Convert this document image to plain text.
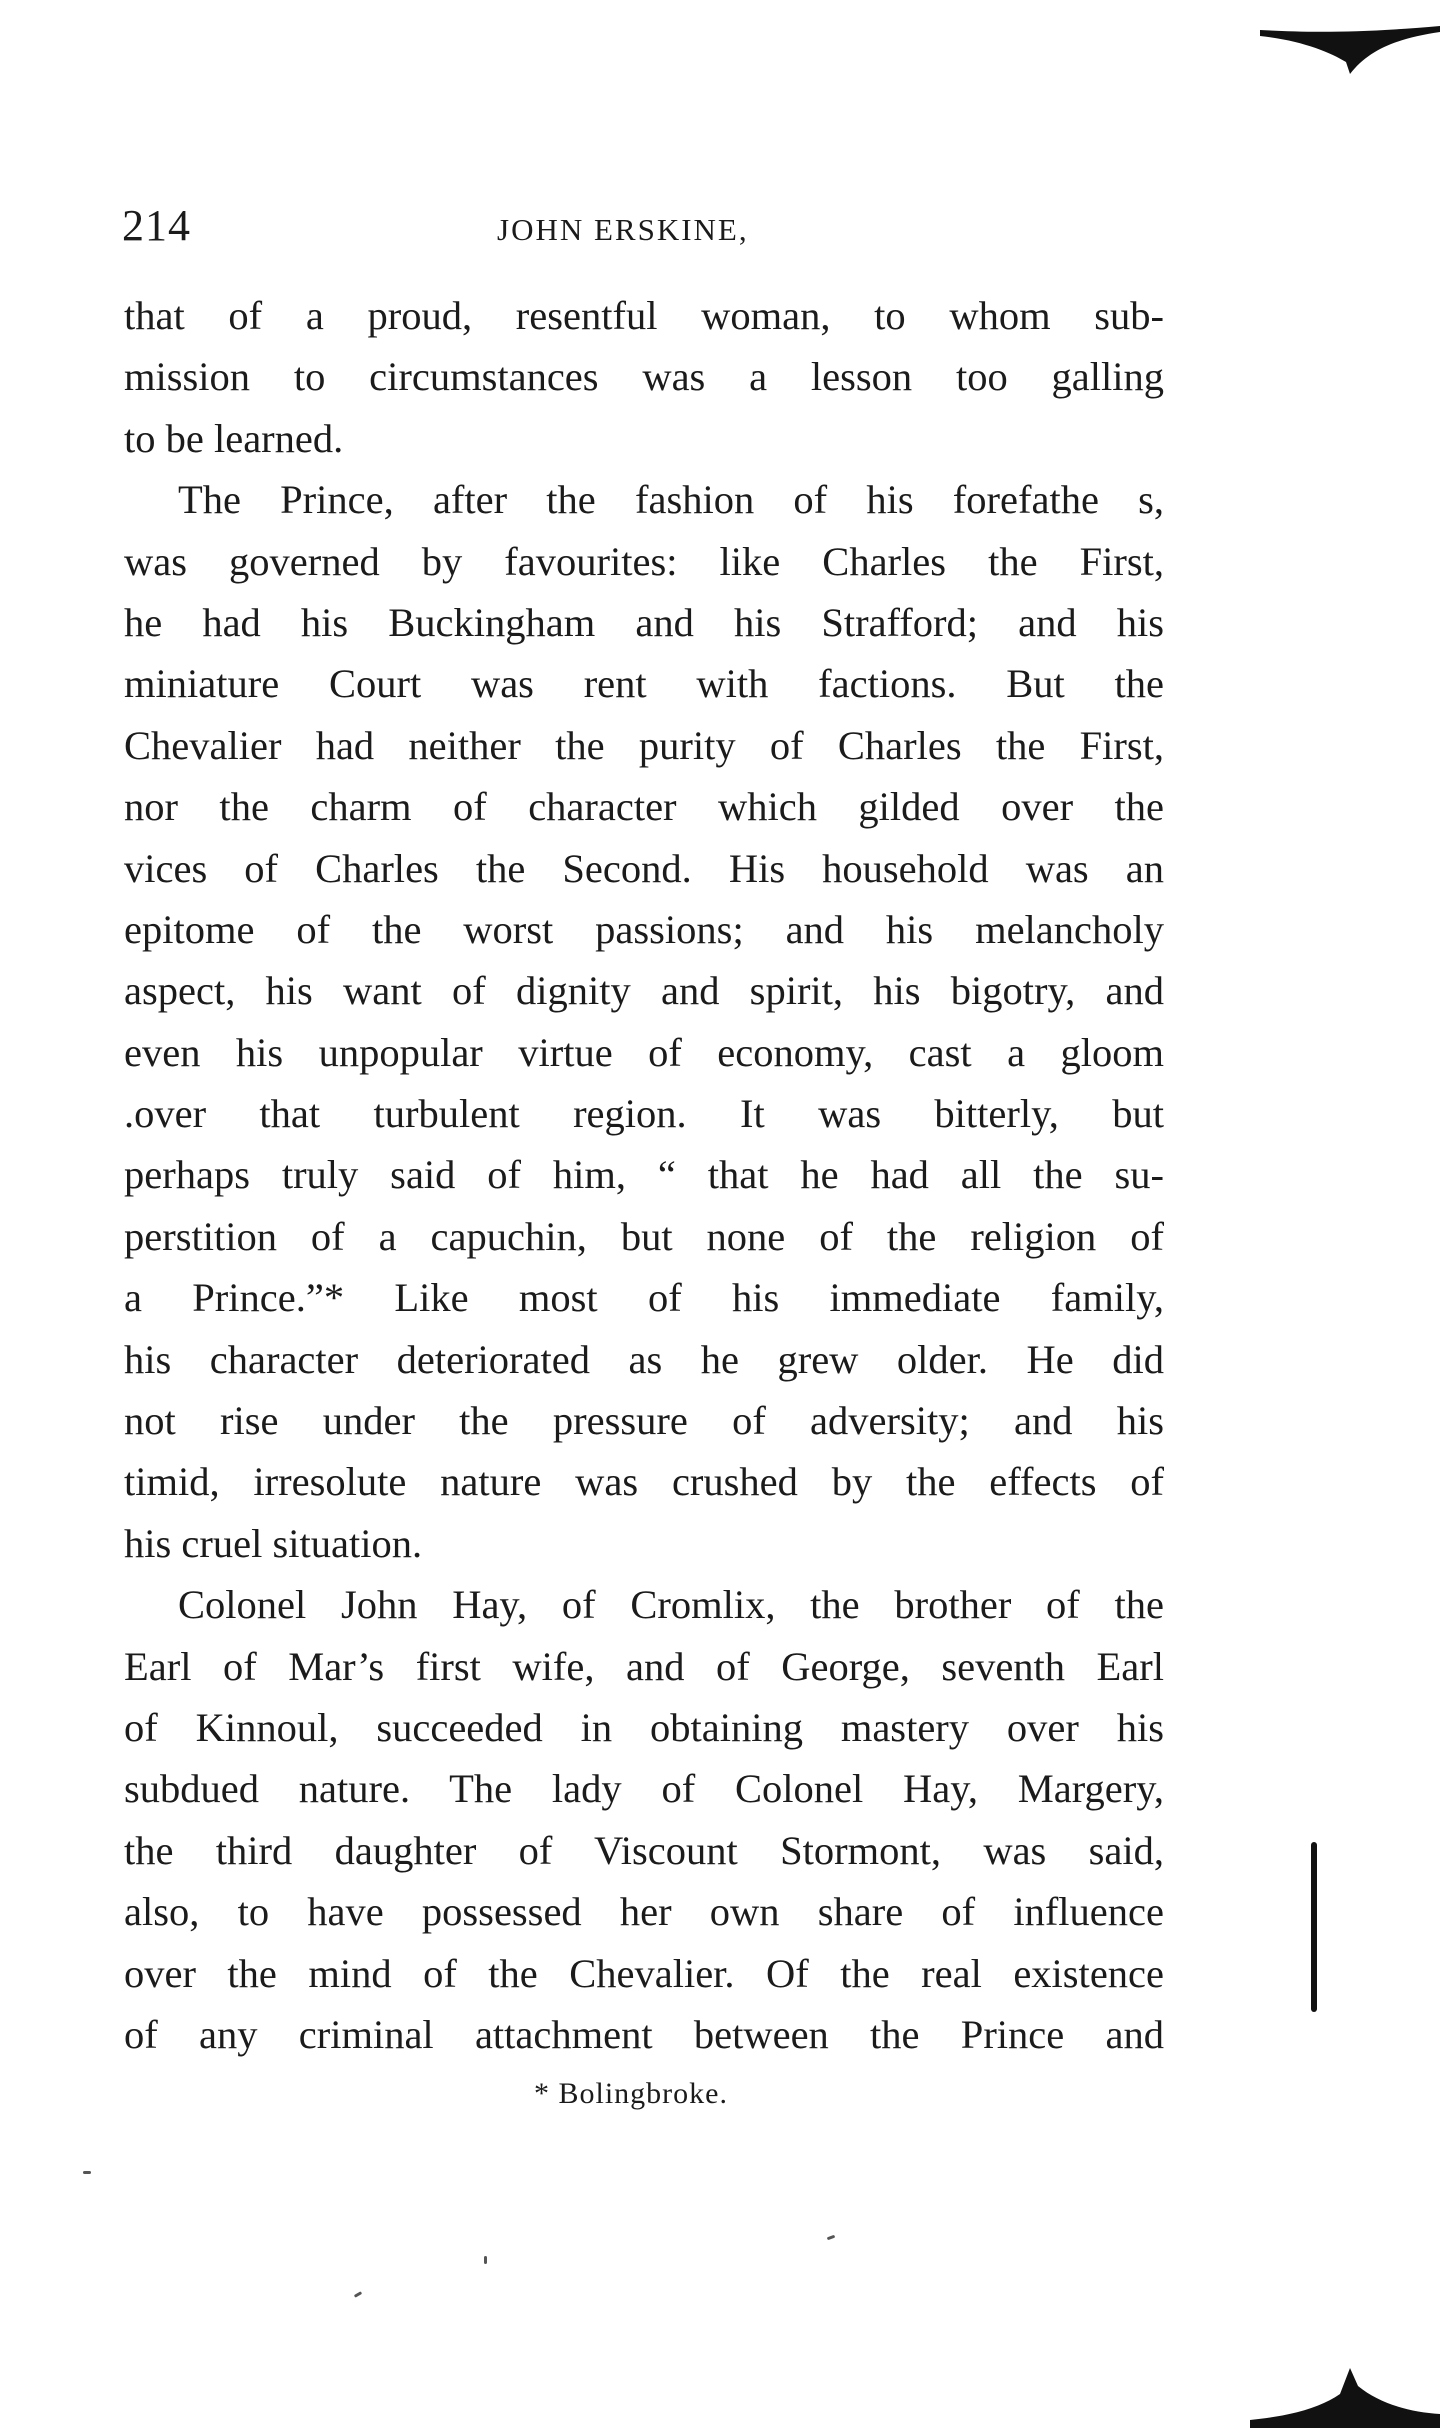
214	JOHN ERSKINE,
that of a proud, resentful woman, to whom sub-
mission to circumstances was a lesson too galling
to be learned.
The Prince, after the fashion of his forefathe s,
was governed by favourites: like Charles the First,
he had his Buckingham and his Strafford; and his
miniature Court was rent with factions. But the
Chevalier had neither the purity of Charles the First,
nor the charm of character which gilded over the
vices of Charles the Second. His household was an
epitome of the worst passions; and his melancholy
aspect, his want of dignity and spirit, his bigotry, and
even his unpopular virtue of economy, cast a gloom
.over that turbulent region. It was bitterly, but
perhaps truly said of him, “ that he had all the su-
perstition of a capuchin, but none of the religion of
a Prince.”* Like most of his immediate family,
his character deteriorated as he grew older. He did
not rise under the pressure of adversity; and his
timid, irresolute nature was crushed by the effects of
his cruel situation.
Colonel John Hay, of Cromlix, the brother of the
Earl of Mar’s first wife, and of George, seventh Earl
of Kinnoul, succeeded in obtaining mastery over his
subdued nature. The lady of Colonel Hay, Margery,
the third daughter of Viscount Stormont, was said,
also, to have possessed her own share of influence
over the mind of the Chevalier. Of the real existence
of any criminal attachment between the Prince and
* Bolingbroke.
